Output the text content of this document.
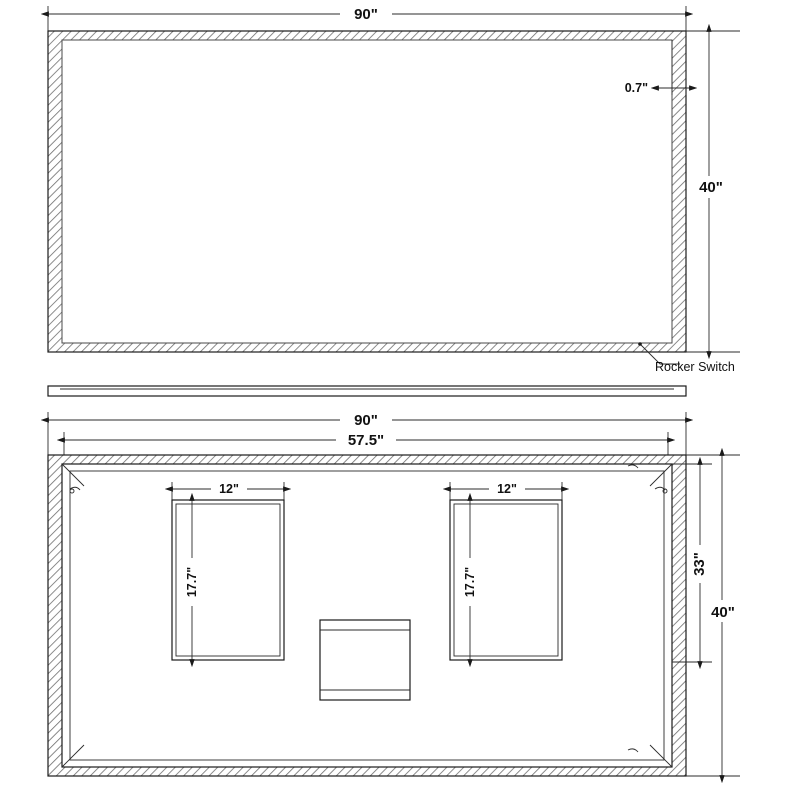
90"
40"
0.7"
Rocker Switch
90"
57.5"
12"
17.7"
12"
17.7"
33"
40"
